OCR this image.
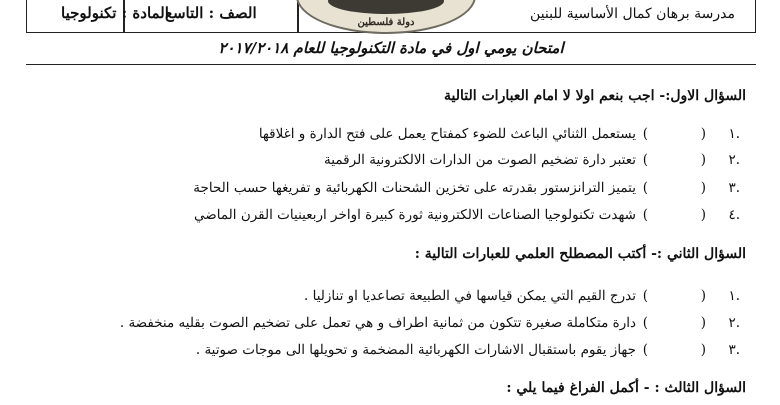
مدرسة برهان كمال الأساسية للبنين
الصف : التاسع
المادة : تكنولوجيا
دولة فلسطين
امتحان يومي اول في مادة التكنولوجيا للعام ٢٠١٧/٢٠١٨
السؤال الاول:- اجب بنعم اولا لا امام العبارات التالية
.١
(
)
يستعمل الثنائي الباعث للضوء كمفتاح يعمل على فتح الدارة و اغلاقها
.٢
(
)
تعتبر دارة تضخيم الصوت من الدارات الالكترونية الرقمية
.٣
(
)
يتميز الترانزستور بقدرته على تخزين الشحنات الكهربائية و تفريغها حسب الحاجة
.٤
(
)
شهدت تكنولوجيا الصناعات الالكترونية ثورة كبيرة اواخر اربعينيات القرن الماضي
السؤال الثاني :- أكتب المصطلح العلمي للعبارات التالية :
.١
(
)
تدرج القيم التي يمكن قياسها في الطبيعة تصاعديا او تنازليا .
.٢
(
)
دارة متكاملة صغيرة تتكون من ثمانية اطراف و هي تعمل على تضخيم الصوت بقليه منخفضة .
.٣
(
)
جهاز يقوم باستقبال الاشارات الكهربائية المضخمة و تحويلها الى موجات صوتية .
السؤال الثالث : - أكمل الفراغ فيما يلي :
